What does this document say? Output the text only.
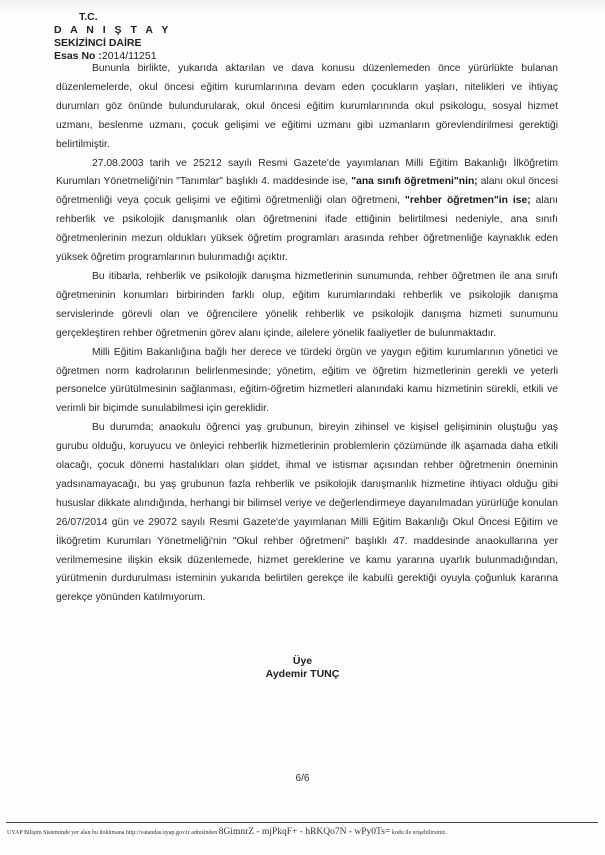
T.C.
D A N I Ş T A Y
SEKİZİNCİ DAİRE
Esas No :2014/11251

Bununla birlikte, yukarıda aktarılan ve dava konusu düzenlemeden önce yürürlükte bulanan düzenlemelerde, okul öncesi eğitim kurumlarınına devam eden çocukların yaşları, nitelikleri ve ihtiyaç durumları göz önünde bulundurularak, okul öncesi eğitim kurumlarınında okul psikologu, sosyal hizmet uzmanı, beslenme uzmanı, çocuk gelişimi ve eğitimi uzmanı gibi uzmanların görevlendirilmesi gerektiği belirtilmiştir.

27.08.2003 tarih ve 25212 sayılı Resmi Gazete'de yayımlanan Milli Eğitim Bakanlığı İlköğretim Kurumları Yönetmeliği'nin "Tanımlar" başlıklı 4. maddesinde ise, "ana sınıfı öğretmeni"nin; alanı okul öncesi öğretmenliği veya çocuk gelişimi ve eğitimi öğretmenliği olan öğretmeni, "rehber öğretmen"in ise; alanı rehberlik ve psikolojik danışmanlık olan öğretmenini ifade ettiğinin belirtilmesi nedeniyle, ana sınıfı öğretmenlerinin mezun oldukları yüksek öğretim programları arasında rehber öğretmenliğe kaynaklık eden yüksek öğretim programlarının bulunmadığı açıktır.

Bu itibarla, rehberlik ve psikolojik danışma hizmetlerinin sunumunda, rehber öğretmen ile ana sınıfı öğretmeninin konumları birbirinden farklı olup, eğitim kurumlarındaki rehberlik ve psikolojik danışma servislerinde görevli olan ve öğrencilere yönelik rehberlik ve psikolojik danışma hizmeti sunumunu gerçekleştiren rehber öğretmenin görev alanı içinde, ailelere yönelik faaliyetler de bulunmaktadır.

Milli Eğitim Bakanlığına bağlı her derece ve türdeki örgün ve yaygın eğitim kurumlarının yönetici ve öğretmen norm kadrolarının belirlenmesinde; yönetim, eğitim ve öğretim hizmetlerinin gerekli ve yeterli personelce yürütülmesinin sağlanması, eğitim-öğretim hizmetleri alanındaki kamu hizmetinin sürekli, etkili ve verimli bir biçimde sunulabilmesi için gereklidir.

Bu durumda; anaokulu öğrenci yaş grubunun, bireyin zihinsel ve kişisel gelişiminin oluştuğu yaş gurubu olduğu, koruyucu ve önleyici rehberlik hizmetlerinin problemlerin çözümünde ilk aşamada daha etkili olacağı, çocuk dönemi hastalıkları olan şiddet, ihmal ve istismar açısından rehber öğretmenin öneminin yadsınamayacağı, bu yaş grubunun fazla rehberlik ve psikolojik danışmanlık hizmetine ihtiyacı olduğu gibi hususlar dikkate alındığında, herhangi bir bilimsel veriye ve değerlendirmeye dayanılmadan yürürlüğe konulan 26/07/2014 gün ve 29072 sayılı Resmi Gazete'de yayımlanan Milli Eğitim Bakanlığı Okul Öncesi Eğitim ve İlköğretim Kurumları Yönetmeliği'nin "Okul rehber öğretmeni" başlıklı 47. maddesinde anaokullarına yer verilmemesine ilişkin eksik düzenlemede, hizmet gereklerine ve kamu yararına uyarlık bulunmadığından, yürütmenin durdurulması isteminin yukarıda belirtilen gerekçe ile kabulü gerektiği oyuyla çoğunluk kararına gerekçe yönünden katılmıyorum.

Üye
Aydemir TUNÇ
6/6
UYAP Bilişim Sisteminde yer alan bu dokümana http://vatandas.uyap.gov.tr adresinden 8GimnrZ - mjPkqF+ - hRKQo7N - wPy0Ts= kodu ile erişebilirsiniz.
